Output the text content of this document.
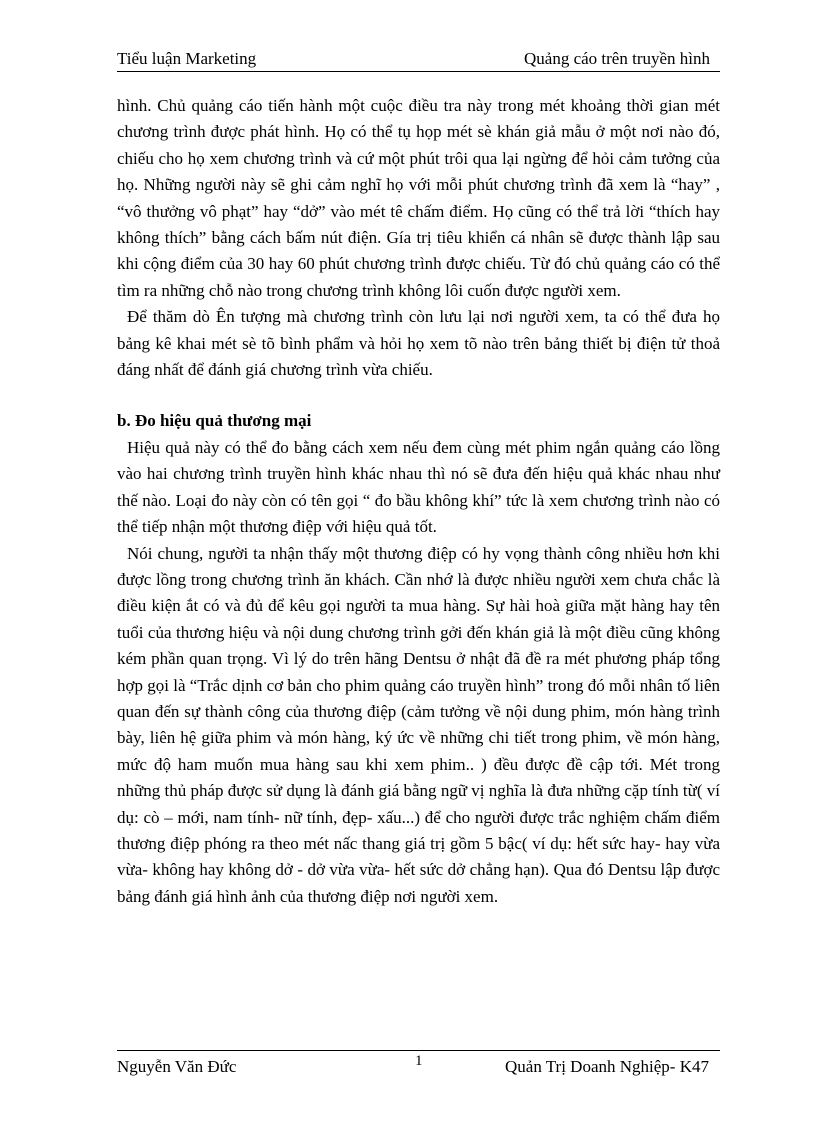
Tiểu luận Marketing	Quảng cáo trên truyền hình

hình. Chủ quảng cáo tiến hành một cuộc điều tra này trong mét khoảng thời gian mét chương trình được phát hình. Họ có thể tụ họp mét sè khán giả mẫu ở một nơi nào đó, chiếu cho họ xem chương trình và cứ một phút trôi qua lại ngừng để hỏi cảm tưởng của họ. Những người này sẽ ghi cảm nghĩ họ với mỗi phút chương trình đã xem là “hay” , “vô thưởng vô phạt” hay “dở” vào mét tê chấm điểm. Họ cũng có thể trả lời “thích hay không thích” bằng cách bấm nút điện. Gía trị tiêu khiển cá nhân sẽ được thành lập sau khi cộng điểm của 30 hay 60 phút chương trình được chiếu. Từ đó chủ quảng cáo có thể tìm ra những chỗ nào trong chương trình không lôi cuốn được người xem.

Để thăm dò Ên tượng mà chương trình còn lưu lại nơi người xem, ta có thể đưa họ bảng kê khai mét sè tõ bình phẩm và hỏi họ xem tõ nào trên bảng thiết bị điện tử thoả đáng nhất để đánh giá chương trình vừa chiếu.

b. Đo hiệu quả thương mại

Hiệu quả này có thể đo bằng cách xem nếu đem cùng mét phim ngắn quảng cáo lồng vào hai chương trình truyền hình khác nhau thì nó sẽ đưa đến hiệu quả khác nhau như thế nào. Loại đo này còn có tên gọi “ đo bầu không khí” tức là xem chương trình nào có thể tiếp nhận một thương điệp với hiệu quả tốt.

Nói chung, người ta nhận thấy một thương điệp có hy vọng thành công nhiều hơn khi được lồng trong chương trình ăn khách. Cần nhớ là được nhiều người xem chưa chắc là điều kiện ắt có và đủ để kêu gọi người ta mua hàng. Sự hài hoà giữa mặt hàng hay tên tuổi của thương hiệu và nội dung chương trình gởi đến khán giả là một điều cũng không kém phần quan trọng. Vì lý do trên hãng Dentsu ở nhật đã đề ra mét phương pháp tổng hợp gọi là “Trắc dịnh cơ bản cho phim quảng cáo truyền hình” trong đó mỗi nhân tố liên quan đến sự thành công của thương điệp (cảm tưởng về nội dung phim, món hàng trình bày, liên hệ giữa phim và món hàng, ký ức về những chi tiết trong phim, về món hàng, mức độ ham muốn mua hàng sau khi xem phim.. ) đều được đề cập tới. Mét trong những thủ pháp được sử dụng là đánh giá bằng ngữ vị nghĩa là đưa những cặp tính từ( ví dụ: cò – mới, nam tính- nữ tính, đẹp- xấu...) để cho người được trắc nghiệm chấm điểm thương điệp phóng ra theo mét nấc thang giá trị gồm 5 bậc( ví dụ: hết sức hay- hay vừa vừa- không hay không dở - dở vừa vừa- hết sức dở chẳng hạn). Qua đó Dentsu lập được bảng đánh giá hình ảnh của thương điệp nơi người xem.

Nguyễn Văn Đức	1	Quản Trị Doanh Nghiệp- K47
